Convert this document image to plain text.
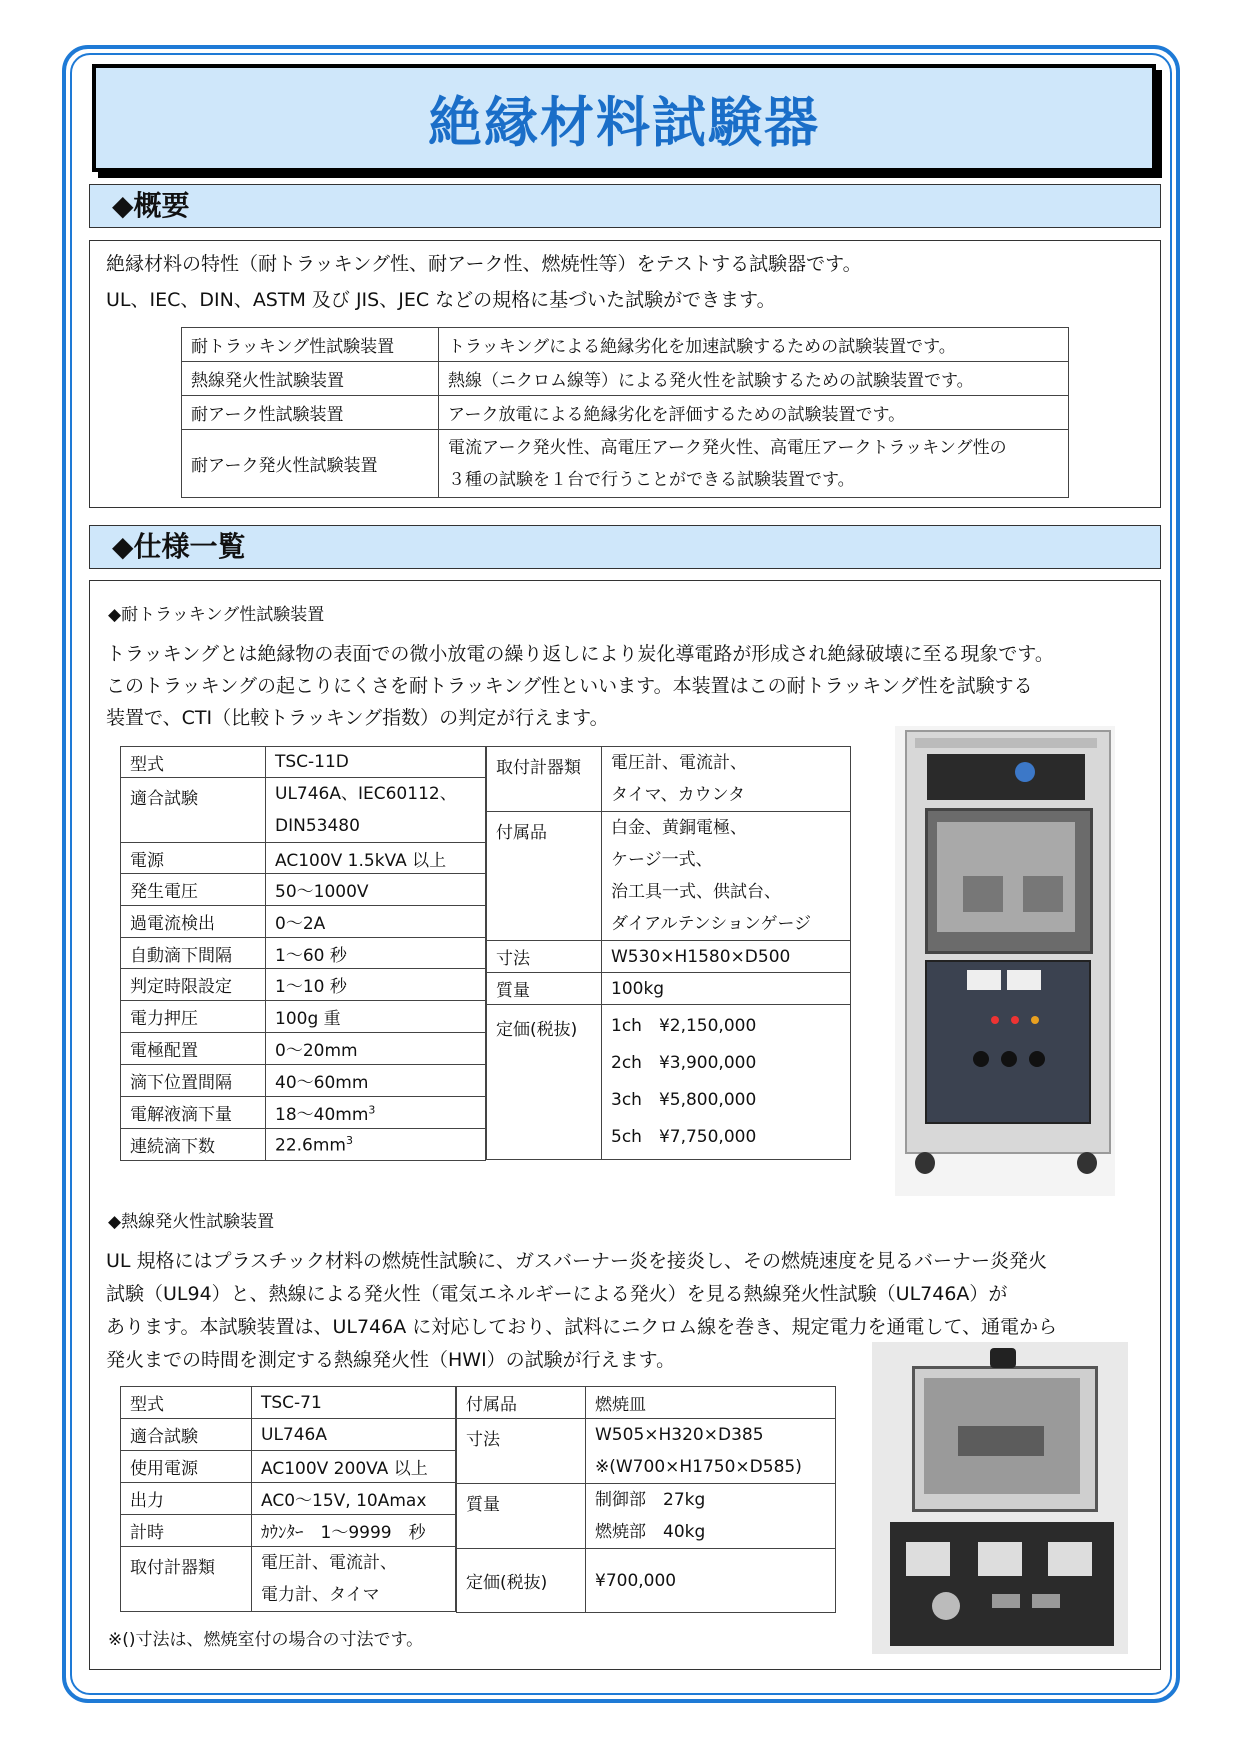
絶縁材料試験器
◆概要
絶縁材料の特性（耐トラッキング性、耐アーク性、燃焼性等）をテストする試験器です。
UL、IEC、DIN、ASTM 及び JIS、JEC などの規格に基づいた試験ができます。
耐トラッキング性試験装置	トラッキングによる絶縁劣化を加速試験するための試験装置です。
熱線発火性試験装置	熱線（ニクロム線等）による発火性を試験するための試験装置です。
耐アーク性試験装置	アーク放電による絶縁劣化を評価するための試験装置です。
耐アーク発火性試験装置	電流アーク発火性、高電圧アーク発火性、高電圧アークトラッキング性の
３種の試験を１台で行うことができる試験装置です。
◆仕様一覧
◆耐トラッキング性試験装置
トラッキングとは絶縁物の表面での微小放電の繰り返しにより炭化導電路が形成され絶縁破壊に至る現象です。
このトラッキングの起こりにくさを耐トラッキング性といいます。本装置はこの耐トラッキング性を試験する
装置で、CTI（比較トラッキング指数）の判定が行えます。
型式	TSC-11D
適合試験	UL746A、IEC60112、
DIN53480

電源	AC100V 1.5kVA 以上
発生電圧	50～1000V
過電流検出	0～2A
自動滴下間隔	1～60 秒
判定時限設定	1～10 秒
電力押圧	100g 重
電極配置	0～20mm
滴下位置間隔	40～60mm
電解液滴下量	$18\sim 40mm^3$
連続滴下数	$22.6mm^3$
取付計器類	電圧計、電流計、
タイマ、カウンタ

付属品	白金、黄銅電極、
ケージ一式、
治工具一式、供試台、
ダイアルテンションゲージ

寸法	W530×H1580×D500
質量	100kg
定価(税抜)	1ch　 ¥2,150,000
2ch　 ¥3,900,000
3ch　 ¥5,800,000
5ch　 ¥7,750,000
◆熱線発火性試験装置
UL 規格にはプラスチック材料の燃焼性試験に、ガスバーナー炎を接炎し、その燃焼速度を見るバーナー炎発火
試験（UL94）と、熱線による発火性（電気エネルギーによる発火）を見る熱線発火性試験（UL746A）が
あります。本試験装置は、UL746A に対応しており、試料にニクロム線を巻き、規定電力を通電して、通電から
発火までの時間を測定する熱線発火性（HWI）の試験が行えます。
型式	TSC-71
適合試験	UL746A
使用電源	AC100V 200VA 以上
出力	AC0～15V, 10Amax
計時	ｶｳﾝﾀｰ　1～9999　秒
取付計器類	電圧計、電流計、
電力計、タイマ
付属品	燃焼皿
寸法	W505×H320×D385
※(W700×H1750×D585)

質量	制御部　27kg
燃焼部　40kg

定価(税抜)	¥700,000
※()寸法は、燃焼室付の場合の寸法です。
